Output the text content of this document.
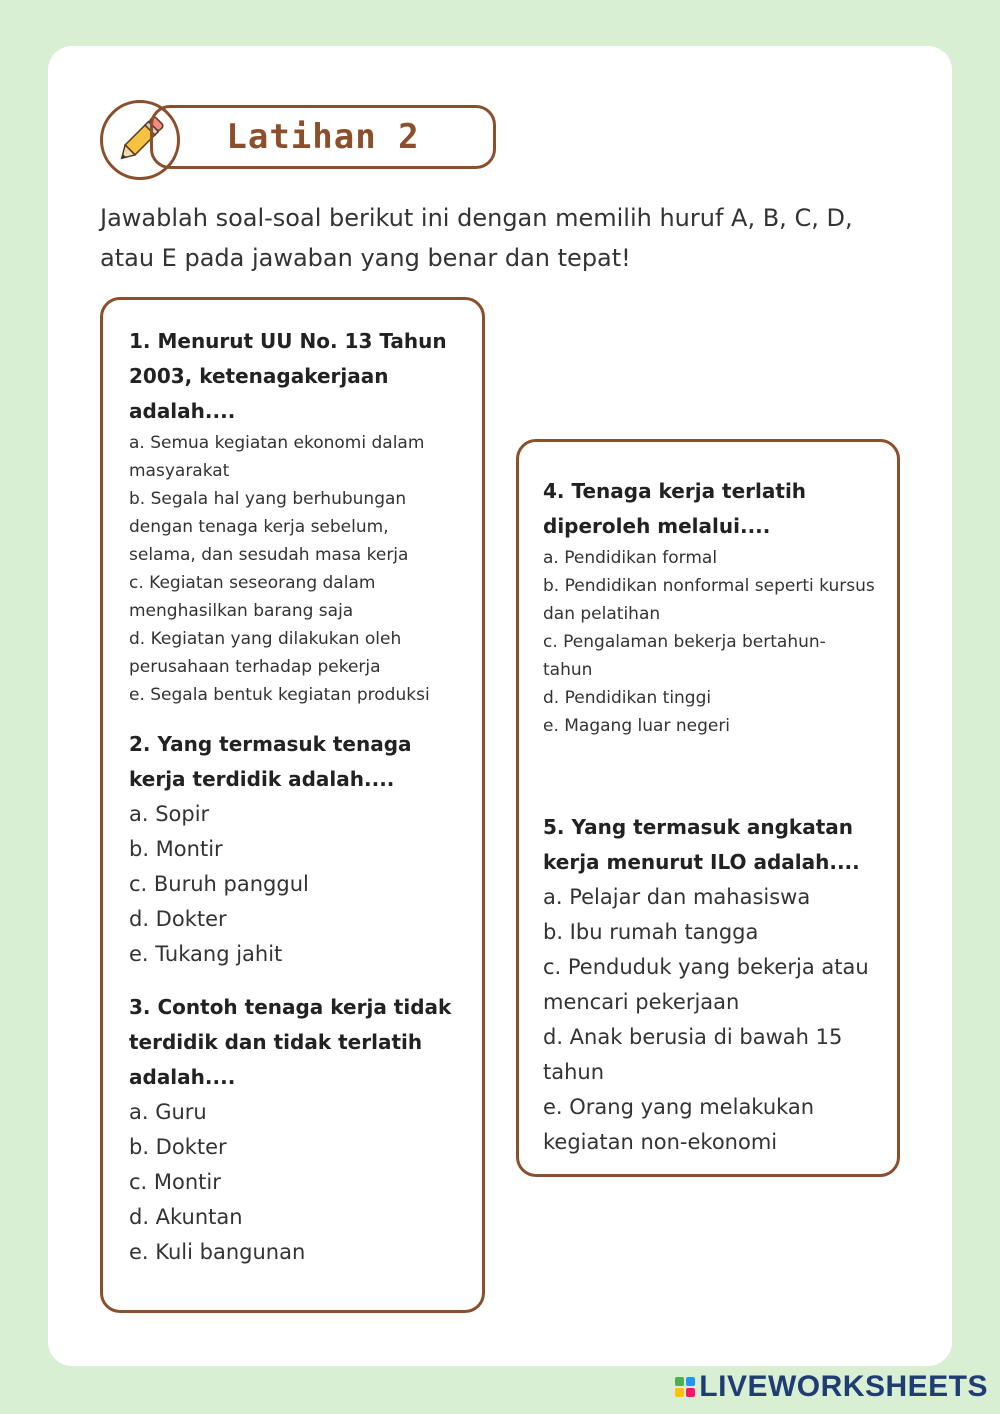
Latihan 2
Jawablah soal-soal berikut ini dengan memilih huruf A, B, C, D, atau E pada jawaban yang benar dan tepat!

1. Menurut UU No. 13 Tahun 2003, ketenagakerjaan adalah....

a. Semua kegiatan ekonomi dalam masyarakat
b. Segala hal yang berhubungan dengan tenaga kerja sebelum, selama, dan sesudah masa kerja
c. Kegiatan seseorang dalam menghasilkan barang saja
d. Kegiatan yang dilakukan oleh perusahaan terhadap pekerja
e. Segala bentuk kegiatan produksi

2. Yang termasuk tenaga kerja terdidik adalah....

a. Sopir
b. Montir
c. Buruh panggul
d. Dokter
e. Tukang jahit

3. Contoh tenaga kerja tidak terdidik dan tidak terlatih adalah....

a. Guru
b. Dokter
c. Montir
d. Akuntan
e. Kuli bangunan

4. Tenaga kerja terlatih diperoleh melalui....

a. Pendidikan formal
b. Pendidikan nonformal seperti kursus dan pelatihan
c. Pengalaman bekerja bertahun-tahun
d. Pendidikan tinggi
e. Magang luar negeri

5. Yang termasuk angkatan kerja menurut ILO adalah....

a. Pelajar dan mahasiswa
b. Ibu rumah tangga
c. Penduduk yang bekerja atau mencari pekerjaan
d. Anak berusia di bawah 15 tahun
e. Orang yang melakukan kegiatan non-ekonomi
LIVEWORKSHEETS
